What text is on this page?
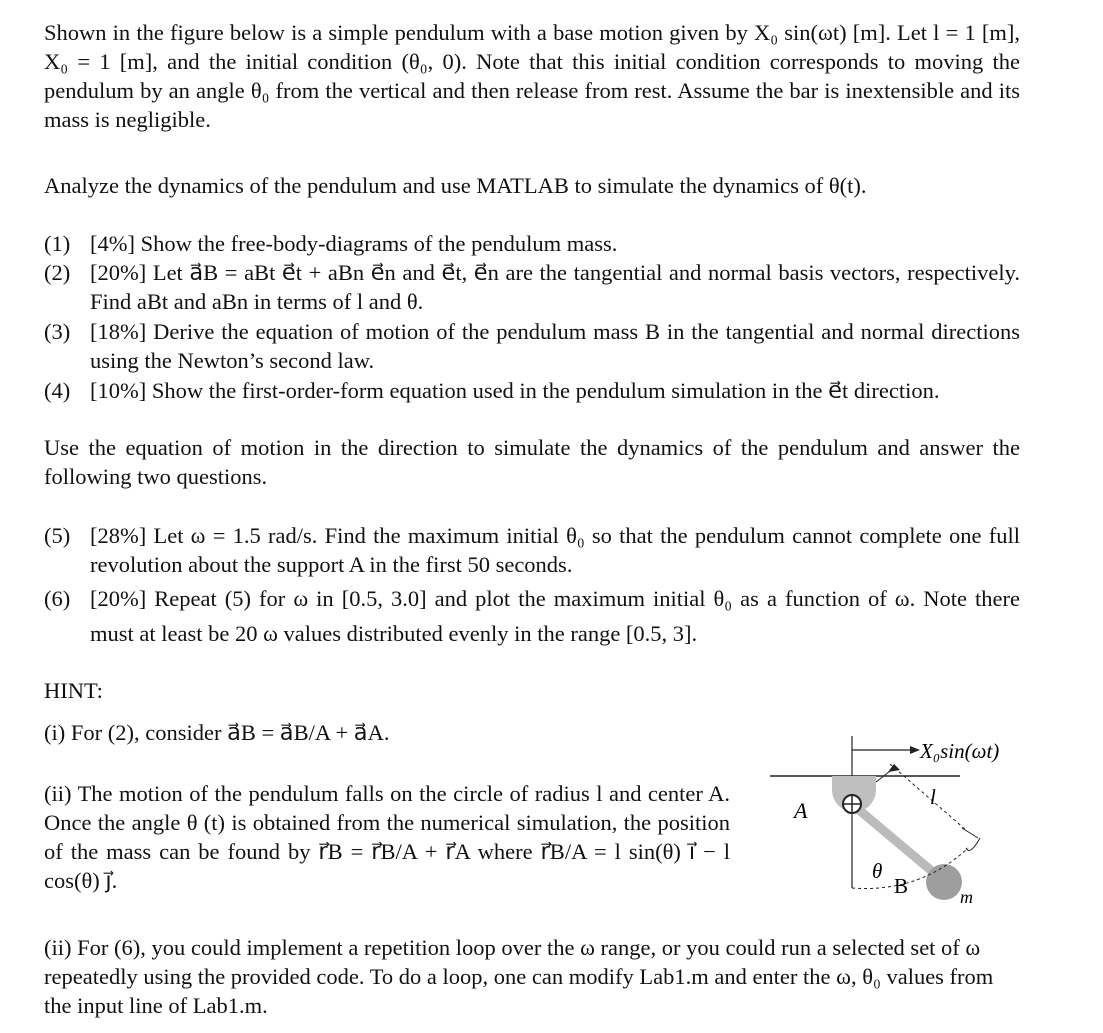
Shown in the figure below is a simple pendulum with a base motion given by X₀ sin(ωt) [m]. Let l = 1 [m], X₀ = 1 [m], and the initial condition (θ₀, 0). Note that this initial condition corresponds to moving the pendulum by an angle θ₀ from the vertical and then release from rest. Assume the bar is inextensible and its mass is negligible.

Analyze the dynamics of the pendulum and use MATLAB to simulate the dynamics of θ(t).

(1) [4%] Show the free-body-diagrams of the pendulum mass.
(2) [20%] Let a⃗B = aBt e⃗t + aBn e⃗n and e⃗t, e⃗n are the tangential and normal basis vectors, respectively. Find aBt and aBn in terms of l and θ.
(3) [18%] Derive the equation of motion of the pendulum mass B in the tangential and normal directions using the Newton’s second law.
(4) [10%] Show the first-order-form equation used in the pendulum simulation in the e⃗t direction.

Use the equation of motion in the direction to simulate the dynamics of the pendulum and answer the following two questions.

(5) [28%] Let ω = 1.5 rad/s. Find the maximum initial θ₀ so that the pendulum cannot complete one full revolution about the support A in the first 50 seconds.
(6) [20%] Repeat (5) for ω in [0.5, 3.0] and plot the maximum initial θ₀ as a function of ω. Note there must at least be 20 ω values distributed evenly in the range [0.5, 3].

HINT:

(i) For (2), consider a⃗B = a⃗B/A + a⃗A.

(ii) The motion of the pendulum falls on the circle of radius l and center A. Once the angle θ (t) is obtained from the numerical simulation, the position of the mass can be found by r⃗B = r⃗B/A + r⃗A where r⃗B/A = l sin(θ) ı⃗ − l cos(θ) ȷ⃗.

(ii) For (6), you could implement a repetition loop over the ω range, or you could run a selected set of ω repeatedly using the provided code. To do a loop, one can modify Lab1.m and enter the ω, θ₀ values from the input line of Lab1.m.

X₀sin(ωt)
l
A
θ
B	m
